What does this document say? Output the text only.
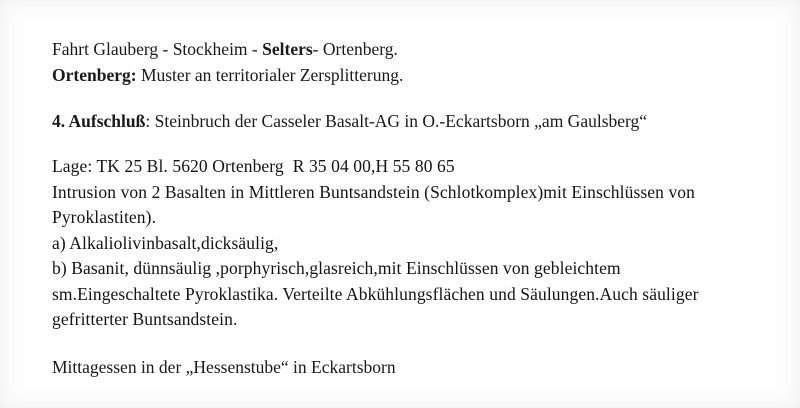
Fahrt Glauberg - Stockheim - Selters- Ortenberg.
Ortenberg: Muster an territorialer Zersplitterung.
4. Aufschluß: Steinbruch der Casseler Basalt-AG in O.-Eckartsborn „am Gaulsberg“
Lage: TK 25 Bl. 5620 Ortenberg  R 35 04 00,H 55 80 65
Intrusion von 2 Basalten in Mittleren Buntsandstein (Schlotkomplex)mit Einschlüssen von
Pyroklastiten).
a) Alkaliolivinbasalt,dicksäulig,
b) Basanit, dünnsäulig ,porphyrisch,glasreich,mit Einschlüssen von gebleichtem
sm.Eingeschaltete Pyroklastika. Verteilte Abkühlungsflächen und Säulungen.Auch säuliger
gefritterter Buntsandstein.
Mittagessen in der „Hessenstube“ in Eckartsborn
